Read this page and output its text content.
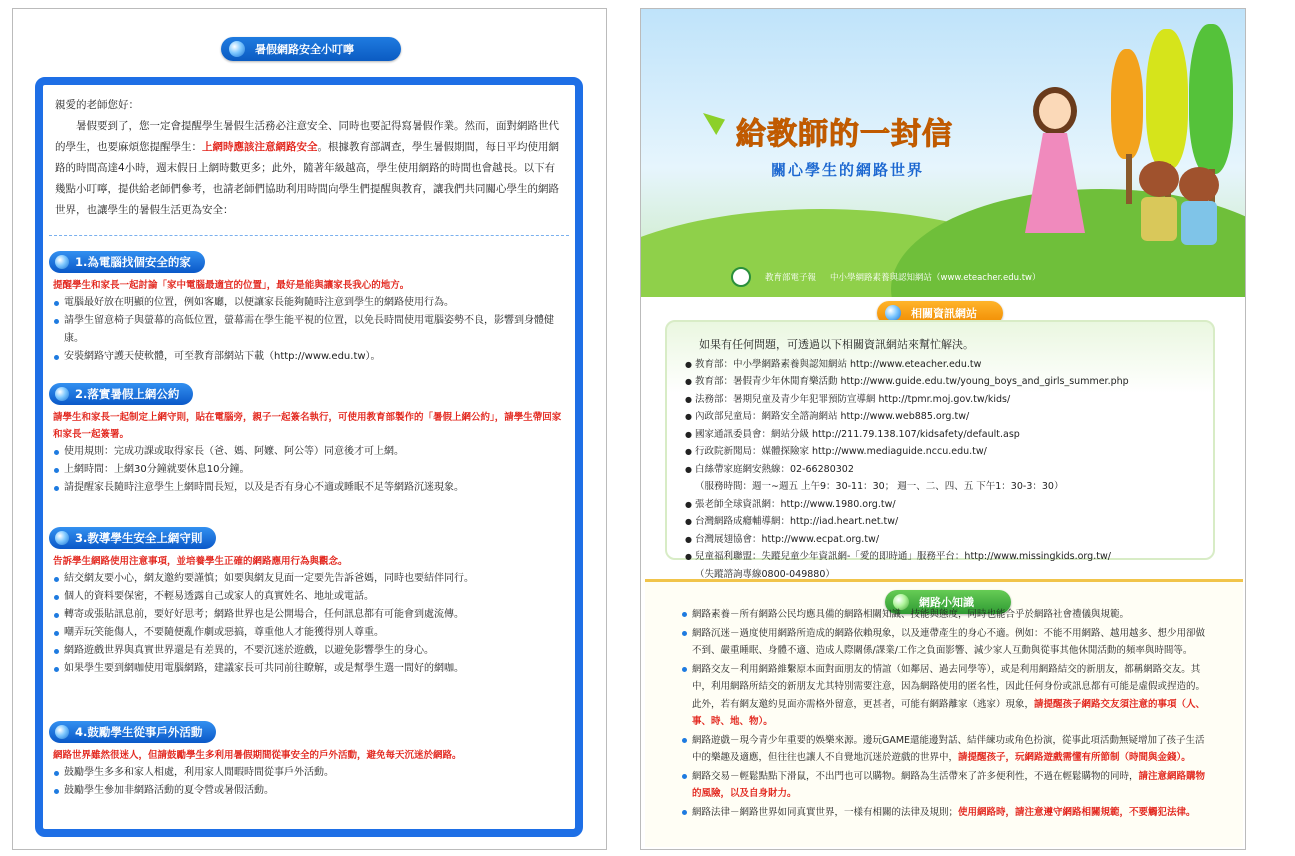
暑假網路安全小叮嚀

親愛的老師您好：

暑假要到了，您一定會提醒學生暑假生活務必注意安全、同時也要記得寫暑假作業。然而，面對網路世代的學生，也要麻煩您提醒學生：上網時應該注意網路安全。根據教育部調查，學生暑假期間，每日平均使用網路的時間高達4小時，週末假日上網時數更多；此外，隨著年級越高，學生使用網路的時間也會越長。以下有幾點小叮嚀，提供給老師們參考，也請老師們協助利用時間向學生們提醒與教育，讓我們共同關心學生的網路世界，也讓學生的暑假生活更為安全：

1.為電腦找個安全的家
提醒學生和家長一起討論「家中電腦最適宜的位置」，最好是能與讓家長我心的地方。
電腦最好放在明顯的位置，例如客廳，以便讓家長能夠隨時注意到學生的網路使用行為。
請學生留意椅子與螢幕的高低位置，螢幕需在學生能平視的位置，以免長時間使用電腦姿勢不良，影響到身體健康。
安裝網路守護天使軟體，可至教育部網站下載（http://www.edu.tw）。
2.落實暑假上網公約
請學生和家長一起制定上網守則，貼在電腦旁，親子一起簽名執行，可使用教育部製作的「暑假上網公約」，請學生帶回家和家長一起簽署。
使用規則：完成功課或取得家長（爸、媽、阿嬤、阿公等）同意後才可上網。
上網時間：上網30分鐘就要休息10分鐘。
請提醒家長隨時注意學生上網時間長短，以及是否有身心不適或睡眠不足等網路沉迷現象。
3.教導學生安全上網守則
告訴學生網路使用注意事項，並培養學生正確的網路應用行為與觀念。
結交網友要小心，網友邀約要謹慎；如要與網友見面一定要先告訴爸媽，同時也要結伴同行。
個人的資料要保密，不輕易透露自己或家人的真實姓名、地址或電話。
轉寄或張貼訊息前，要好好思考；網路世界也是公開場合，任何訊息都有可能會到處流傳。
嘲弄玩笑能傷人，不要隨便亂作劇或惡搞，尊重他人才能獲得別人尊重。
網路遊戲世界與真實世界還是有差異的，不要沉迷於遊戲，以避免影響學生的身心。
如果學生要到網咖使用電腦網路，建議家長可共同前往瞭解，或是幫學生選一間好的網咖。
4.鼓勵學生從事戶外活動
網路世界雖然很迷人，但請鼓勵學生多利用暑假期間從事安全的戶外活動，避免每天沉迷於網路。
鼓勵學生多多和家人相處，利用家人閒暇時間從事戶外活動。
鼓勵學生參加非網路活動的夏令營或暑假活動。
給教師的一封信
關心學生的網路世界
教育部電子報 中小學網路素養與認知網站（www.eteacher.edu.tw）
相關資訊網站
如果有任何問題，可透過以下相關資訊網站來幫忙解決。
● 教育部：中小學網路素養與認知網站 http://www.eteacher.edu.tw
● 教育部：暑假青少年休閒育樂活動 http://www.guide.edu.tw/young_boys_and_girls_summer.php
● 法務部：暑期兒童及青少年犯罪預防宣導網 http://tpmr.moj.gov.tw/kids/
● 內政部兒童局：網路安全諮詢網站 http://www.web885.org.tw/
● 國家通訊委員會：網站分級 http://211.79.138.107/kidsafety/default.asp
● 行政院新聞局：媒體探險家 http://www.mediaguide.nccu.edu.tw/
● 白絲帶家庭網安熱線：02-66280302
（服務時間：週一∼週五 上午9：30-11：30； 週一、二、四、五 下午1：30-3：30）
● 張老師全球資訊網：http://www.1980.org.tw/
● 台灣網路成癮輔導網：http://iad.heart.net.tw/
● 台灣展翅協會：http://www.ecpat.org.tw/
● 兒童福利聯盟：失蹤兒童少年資訊網-「愛的即時通」服務平台：http://www.missingkids.org.tw/
（失蹤諮詢專線0800-049880）
網路小知識
網路素養－所有網路公民均應具備的網路相關知識、技能與態度，同時也能合乎於網路社會禮儀與規範。
網路沉迷－過度使用網路所造成的網路依賴現象，以及連帶產生的身心不適。例如：不能不用網路、越用越多、想少用卻做不到、嚴重睡眠、身體不適、造成人際關係/課業/工作之負面影響、減少家人互動與從事其他休閒活動的頻率與時間等。
網路交友－利用網路維繫原本面對面朋友的情誼（如鄰居、過去同學等），或是利用網路結交的新朋友，都稱網路交友。其中，利用網路所結交的新朋友尤其特別需要注意，因為網路使用的匿名性，因此任何身份或訊息都有可能是虛假或捏造的。此外，若有網友邀約見面亦需格外留意，更甚者，可能有網路離家（逃家）現象，請提醒孩子網路交友須注意的事項（人、事、時、地、物）。
網路遊戲－現今青少年重要的娛樂來源。邊玩GAME還能邊對話、結伴練功或角色扮演，從事此項活動無疑增加了孩子生活中的樂趣及適應，但往往也讓人不自覺地沉迷於遊戲的世界中，請提醒孩子，玩網路遊戲需懂有所節制（時間與金錢）。
網路交易－輕鬆點點下滑鼠，不出門也可以購物。網路為生活帶來了許多便利性，不過在輕鬆購物的同時，請注意網路購物的風險，以及自身財力。
網路法律－網路世界如同真實世界，一樣有相關的法律及規則；使用網路時，請注意遵守網路相關規範，不要觸犯法律。
